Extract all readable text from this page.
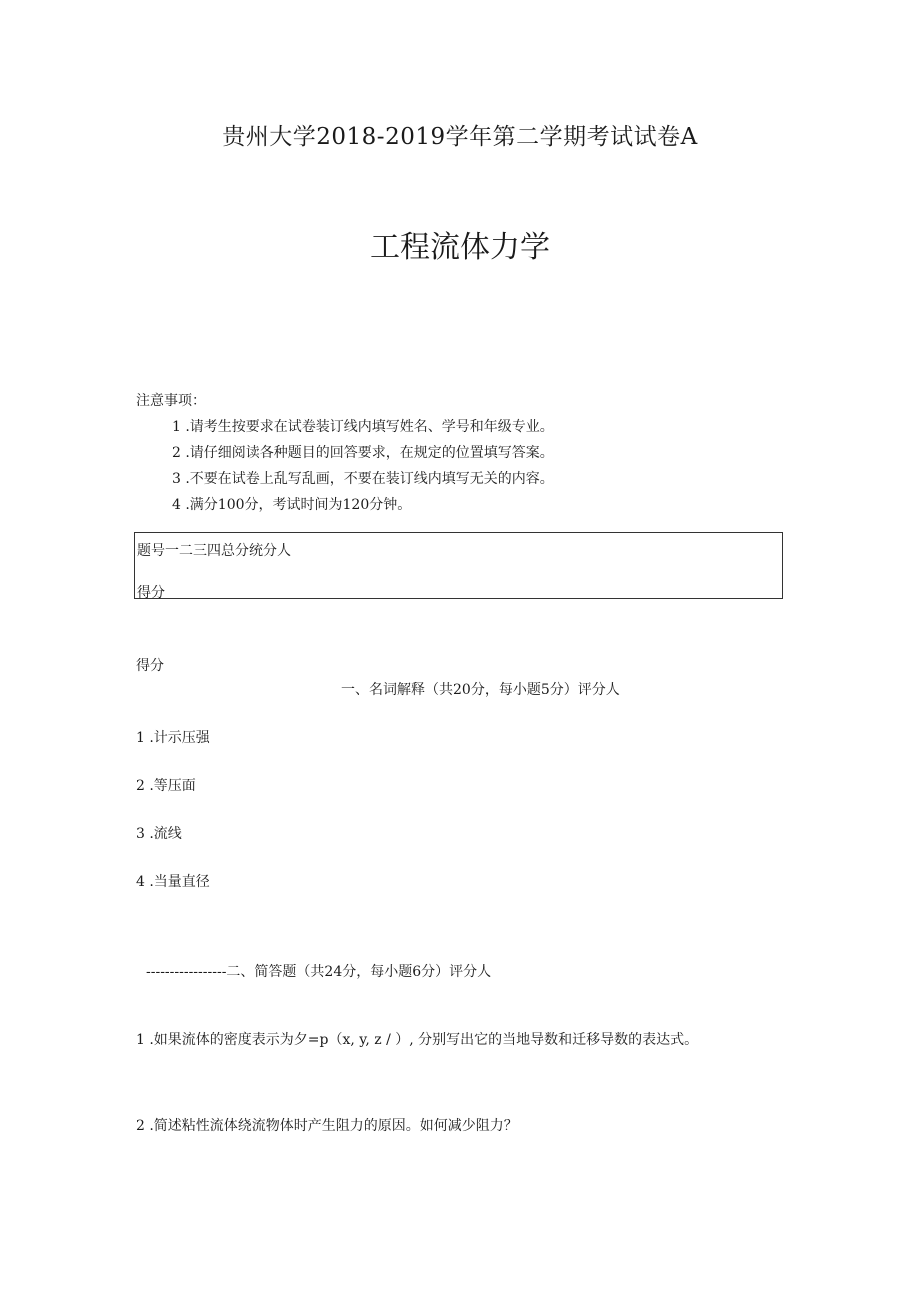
贵州大学2018-2019学年第二学期考试试卷A
工程流体力学
注意事项：
1 .请考生按要求在试卷装订线内填写姓名、学号和年级专业。
2 .请仔细阅读各种题目的回答要求，在规定的位置填写答案。
3 .不要在试卷上乱写乱画，不要在装订线内填写无关的内容。
4 .满分100分，考试时间为120分钟。
题号一二三四总分统分人
得分
得分
一、名词解释（共20分，每小题5分）评分人
1 .计示压强
2 .等压面
3 .流线
4 .当量直径
-----------------二、简答题（共24分，每小题6分）评分人
1 .如果流体的密度表示为夕=p（x, y, z / ）, 分别写出它的当地导数和迁移导数的表达式。
2 .简述粘性流体绕流物体时产生阻力的原因。如何减少阻力？
